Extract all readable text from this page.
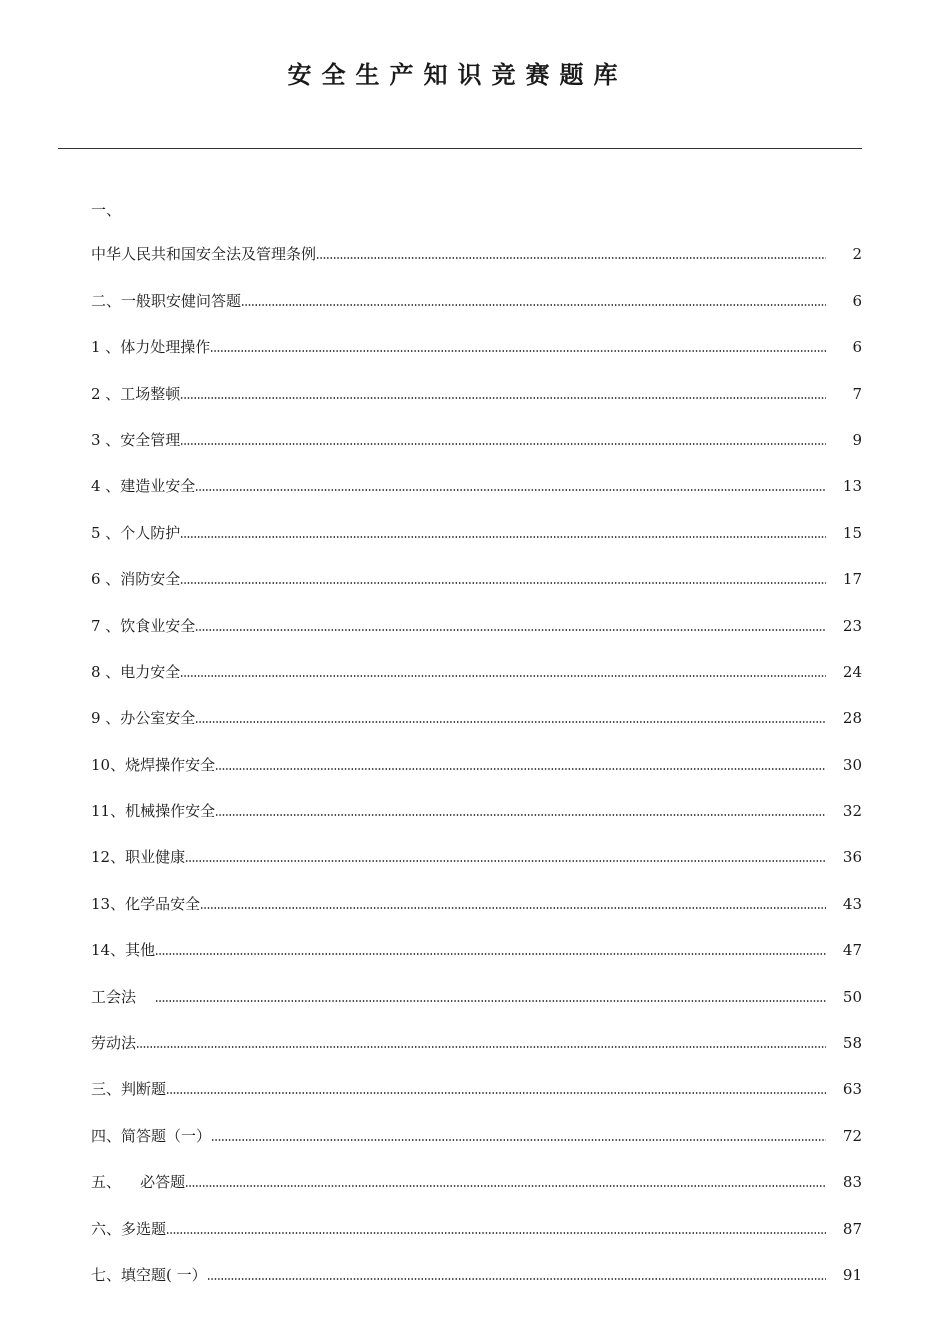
安全生产知识竞赛题库
一、
中华人民共和国安全法及管理条例	2
二、一般职安健问答题	6
1 、体力处理操作	6
2 、工场整顿	7
3 、安全管理	9
4 、建造业安全	13
5 、个人防护	15
6 、消防安全	17
7 、饮食业安全	23
8 、电力安全	24
9 、办公室安全	28
10、烧焊操作安全	30
11、机械操作安全	32
12、职业健康	36
13、化学品安全	43
14、其他	47
工会法	50
劳动法	58
三、判断题	63
四、简答题（一）	72
五、    必答题	83
六、多选题	87
七、填空题( 一）	91
